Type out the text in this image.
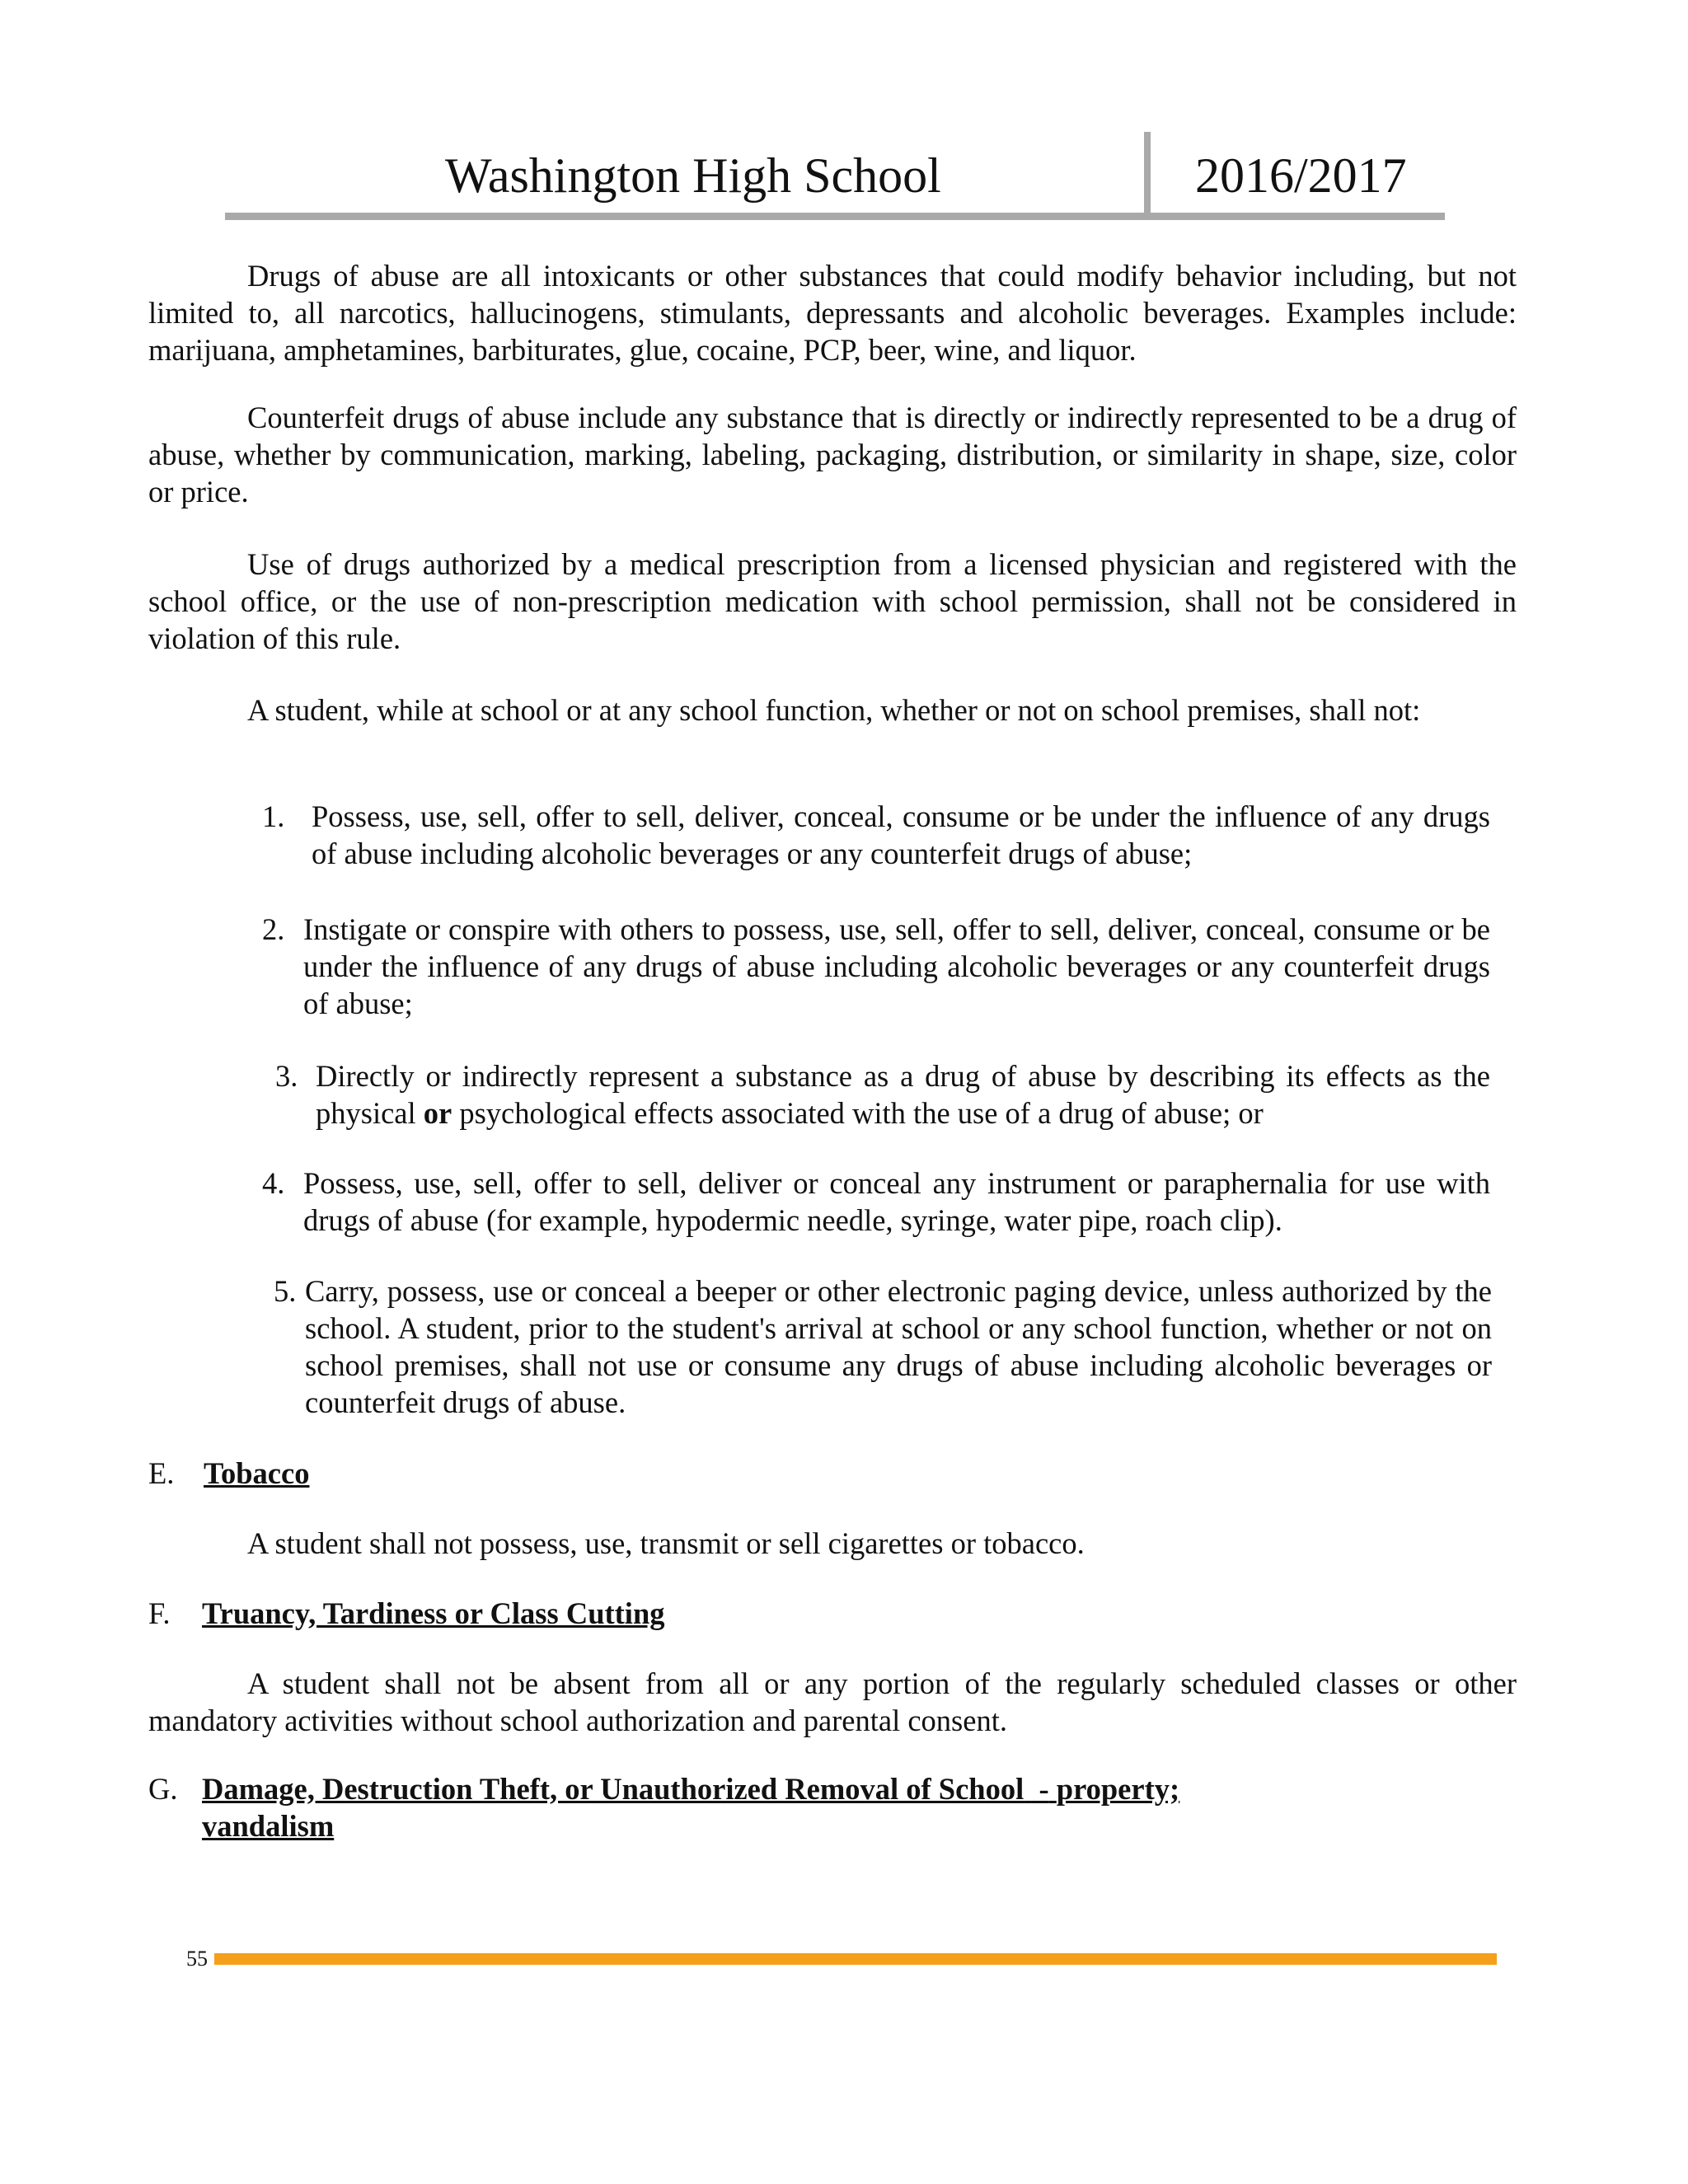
Washington High School	2016/2017

Drugs of abuse are all intoxicants or other substances that could modify behavior including, but not limited to, all narcotics, hallucinogens, stimulants, depressants and alcoholic beverages. Examples include: marijuana, amphetamines, barbiturates, glue, cocaine, PCP, beer, wine, and liquor.

Counterfeit drugs of abuse include any substance that is directly or indirectly represented to be a drug of abuse, whether by communication, marking, labeling, packaging, distribution, or similarity in shape, size, color or price.

Use of drugs authorized by a medical prescription from a licensed physician and registered with the school office, or the use of non-prescription medication with school permission, shall not be considered in violation of this rule.

A student, while at school or at any school function, whether or not on school premises, shall not:

1. Possess, use, sell, offer to sell, deliver, conceal, consume or be under the influence of any drugs of abuse including alcoholic beverages or any counterfeit drugs of abuse;
2. Instigate or conspire with others to possess, use, sell, offer to sell, deliver, conceal, consume or be under the influence of any drugs of abuse including alcoholic beverages or any counterfeit drugs of abuse;
3. Directly or indirectly represent a substance as a drug of abuse by describing its effects as the physical or psychological effects associated with the use of a drug of abuse; or
4. Possess, use, sell, offer to sell, deliver or conceal any instrument or paraphernalia for use with drugs of abuse (for example, hypodermic needle, syringe, water pipe, roach clip).
5. Carry, possess, use or conceal a beeper or other electronic paging device, unless authorized by the school. A student, prior to the student's arrival at school or any school function, whether or not on school premises, shall not use or consume any drugs of abuse including alcoholic beverages or counterfeit drugs of abuse.
E. Tobacco

A student shall not possess, use, transmit or sell cigarettes or tobacco.

F. Truancy, Tardiness or Class Cutting

A student shall not be absent from all or any portion of the regularly scheduled classes or other mandatory activities without school authorization and parental consent.

G. Damage, Destruction Theft, or Unauthorized Removal of School - property;
vandalism
55
